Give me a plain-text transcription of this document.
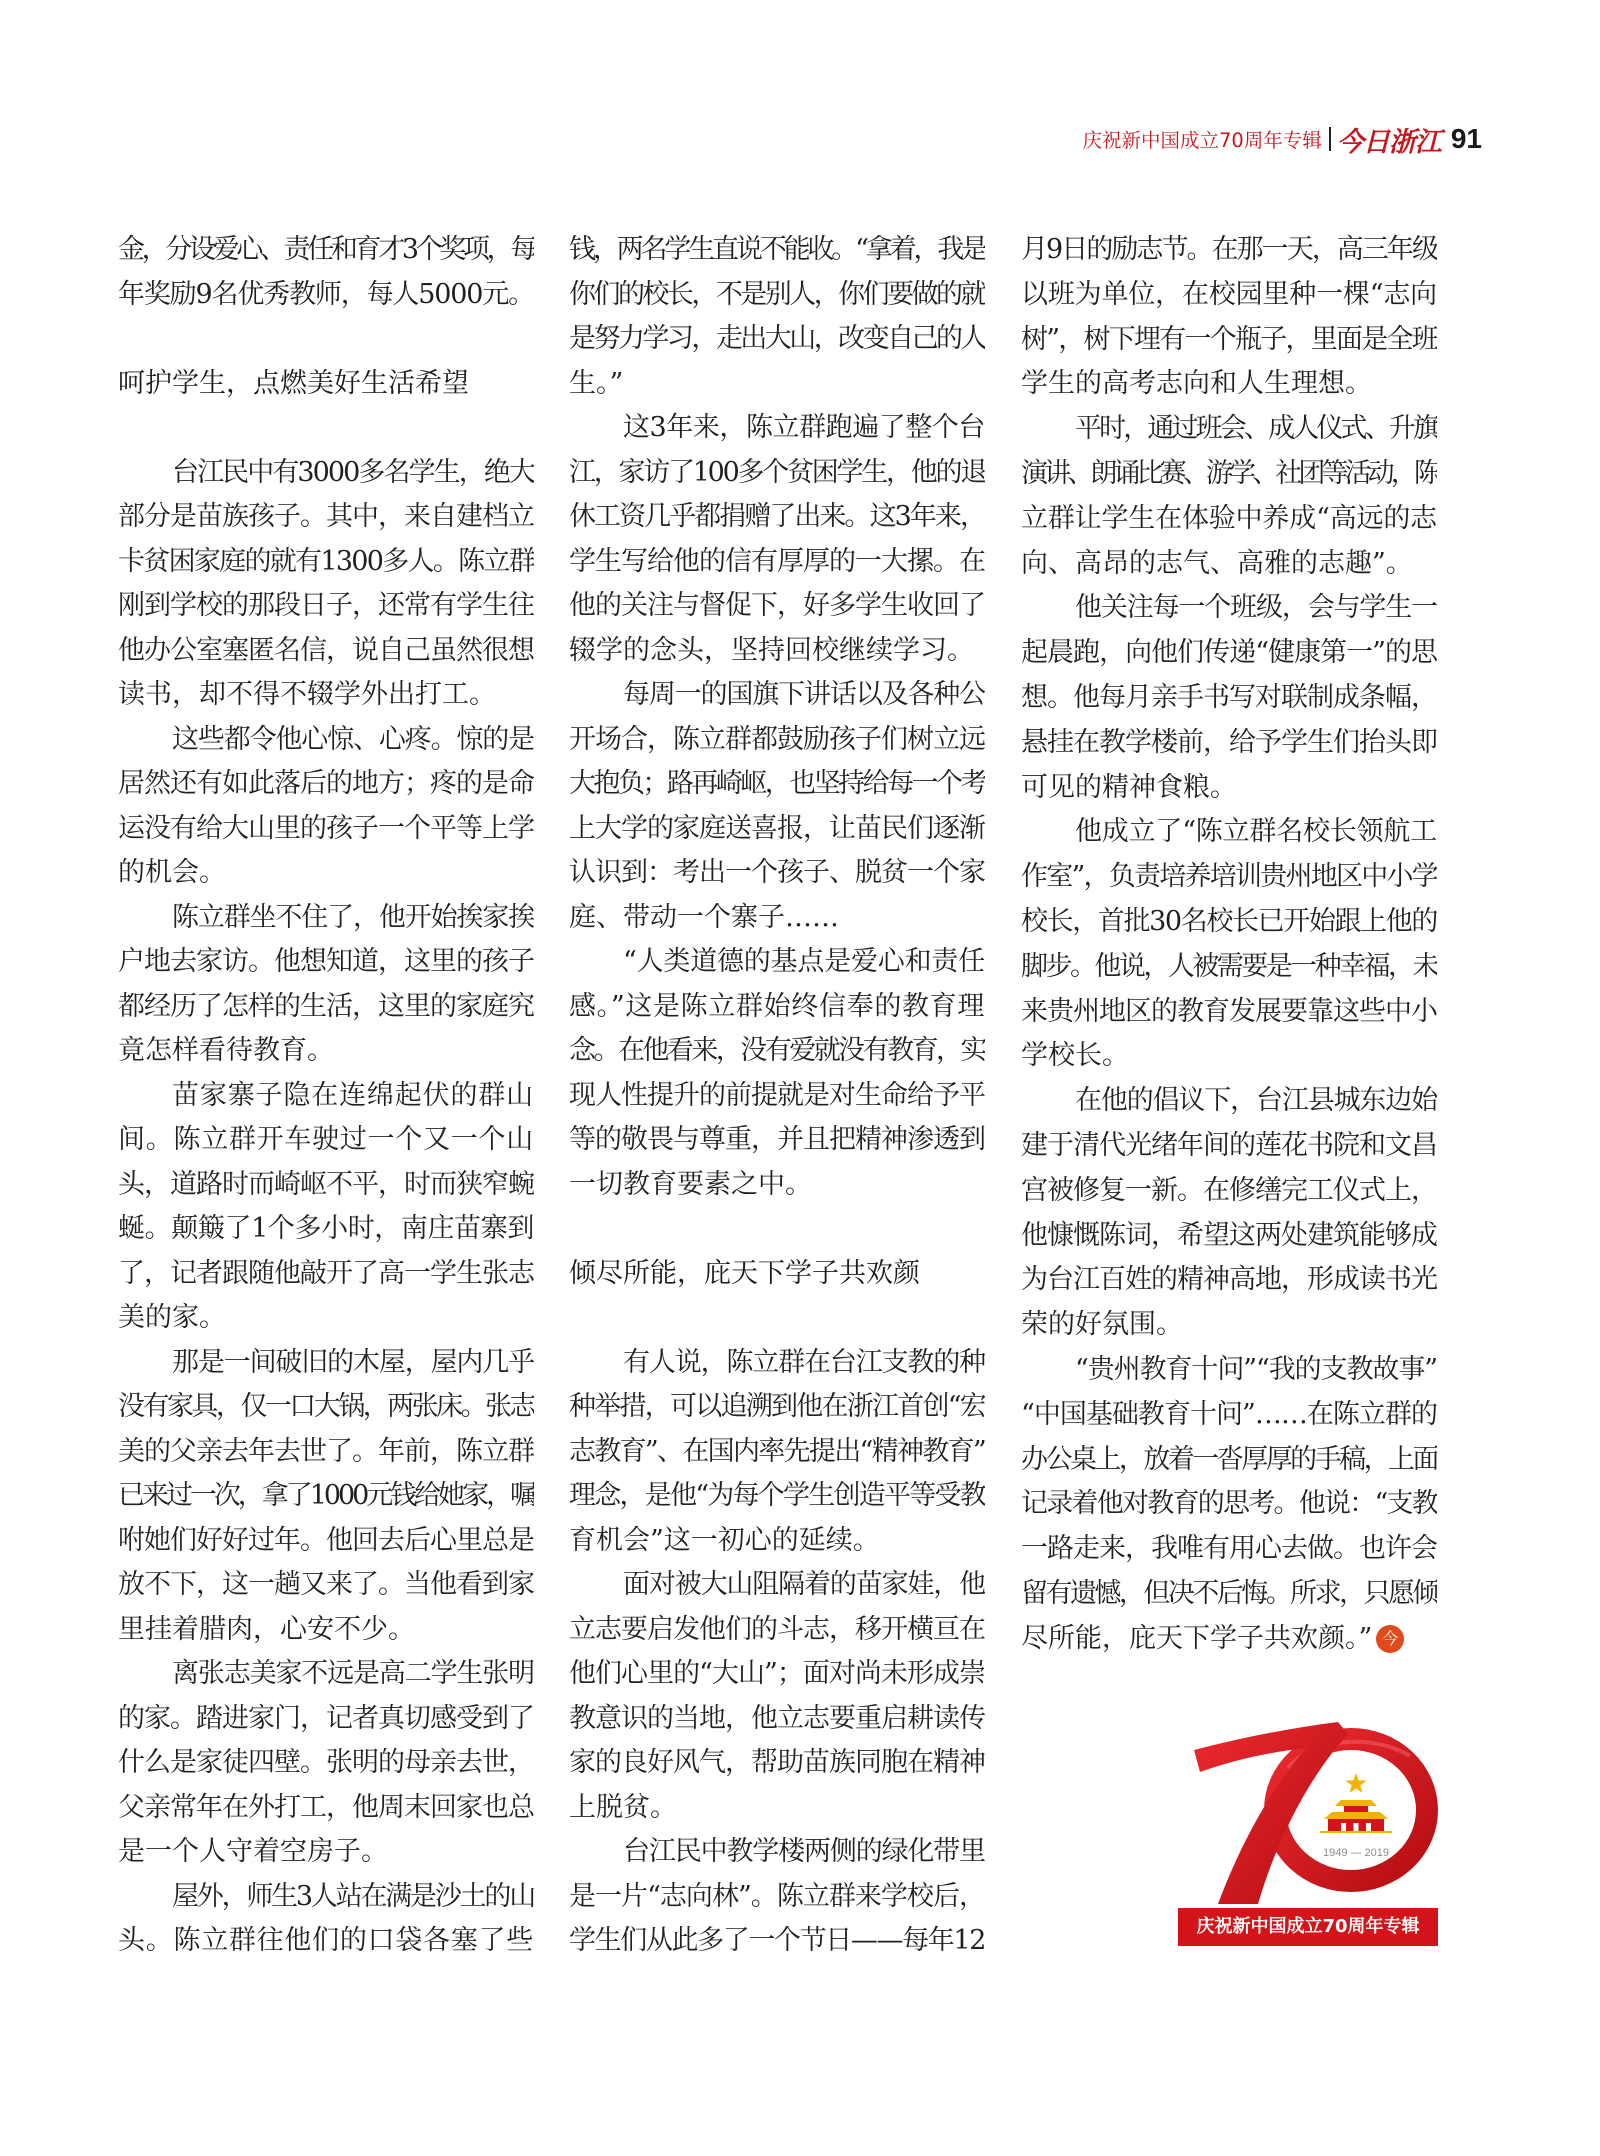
庆祝新中国成立70周年专辑 今日浙江 91
金，分设爱心、责任和育才3个奖项，每
年奖励9名优秀教师，每人5000元。
呵护学生，点燃美好生活希望
台江民中有3000多名学生，绝大
部分是苗族孩子。其中，来自建档立
卡贫困家庭的就有1300多人。陈立群
刚到学校的那段日子，还常有学生往
他办公室塞匿名信，说自己虽然很想
读书，却不得不辍学外出打工。
这些都令他心惊、心疼。惊的是
居然还有如此落后的地方；疼的是命
运没有给大山里的孩子一个平等上学
的机会。
陈立群坐不住了，他开始挨家挨
户地去家访。他想知道，这里的孩子
都经历了怎样的生活，这里的家庭究
竟怎样看待教育。
苗家寨子隐在连绵起伏的群山
间。陈立群开车驶过一个又一个山
头，道路时而崎岖不平，时而狭窄蜿
蜒。颠簸了1个多小时，南庄苗寨到
了，记者跟随他敲开了高一学生张志
美的家。
那是一间破旧的木屋，屋内几乎
没有家具，仅一口大锅，两张床。张志
美的父亲去年去世了。年前，陈立群
已来过一次，拿了1000元钱给她家，嘱
咐她们好好过年。他回去后心里总是
放不下，这一趟又来了。当他看到家
里挂着腊肉，心安不少。
离张志美家不远是高二学生张明
的家。踏进家门，记者真切感受到了
什么是家徒四壁。张明的母亲去世，
父亲常年在外打工，他周末回家也总
是一个人守着空房子。
屋外，师生3人站在满是沙土的山
头。陈立群往他们的口袋各塞了些
钱，两名学生直说不能收。“拿着，我是
你们的校长，不是别人，你们要做的就
是努力学习，走出大山，改变自己的人
生。”
这3年来，陈立群跑遍了整个台
江，家访了100多个贫困学生，他的退
休工资几乎都捐赠了出来。这3年来，
学生写给他的信有厚厚的一大摞。在
他的关注与督促下，好多学生收回了
辍学的念头，坚持回校继续学习。
每周一的国旗下讲话以及各种公
开场合，陈立群都鼓励孩子们树立远
大抱负；路再崎岖，也坚持给每一个考
上大学的家庭送喜报，让苗民们逐渐
认识到：考出一个孩子、脱贫一个家
庭、带动一个寨子……
“人类道德的基点是爱心和责任
感。”这是陈立群始终信奉的教育理
念。在他看来，没有爱就没有教育，实
现人性提升的前提就是对生命给予平
等的敬畏与尊重，并且把精神渗透到
一切教育要素之中。
倾尽所能，庇天下学子共欢颜
有人说，陈立群在台江支教的种
种举措，可以追溯到他在浙江首创“宏
志教育”、在国内率先提出“精神教育”
理念，是他“为每个学生创造平等受教
育机会”这一初心的延续。
面对被大山阻隔着的苗家娃，他
立志要启发他们的斗志，移开横亘在
他们心里的“大山”；面对尚未形成崇
教意识的当地，他立志要重启耕读传
家的良好风气，帮助苗族同胞在精神
上脱贫。
台江民中教学楼两侧的绿化带里
是一片“志向林”。陈立群来学校后，
学生们从此多了一个节日——每年12
月9日的励志节。在那一天，高三年级
以班为单位，在校园里种一棵“志向
树”，树下埋有一个瓶子，里面是全班
学生的高考志向和人生理想。
平时，通过班会、成人仪式、升旗
演讲、朗诵比赛、游学、社团等活动，陈
立群让学生在体验中养成“高远的志
向、高昂的志气、高雅的志趣”。
他关注每一个班级，会与学生一
起晨跑，向他们传递“健康第一”的思
想。他每月亲手书写对联制成条幅，
悬挂在教学楼前，给予学生们抬头即
可见的精神食粮。
他成立了“陈立群名校长领航工
作室”，负责培养培训贵州地区中小学
校长，首批30名校长已开始跟上他的
脚步。他说，人被需要是一种幸福，未
来贵州地区的教育发展要靠这些中小
学校长。
在他的倡议下，台江县城东边始
建于清代光绪年间的莲花书院和文昌
宫被修复一新。在修缮完工仪式上，
他慷慨陈词，希望这两处建筑能够成
为台江百姓的精神高地，形成读书光
荣的好氛围。
“贵州教育十问”“我的支教故事”
“中国基础教育十问”……在陈立群的
办公桌上，放着一沓厚厚的手稿，上面
记录着他对教育的思考。他说：“支教
一路走来，我唯有用心去做。也许会
留有遗憾，但决不后悔。所求，只愿倾
尽所能，庇天下学子共欢颜。” 今
1949 — 2019
庆祝新中国成立70周年专辑
